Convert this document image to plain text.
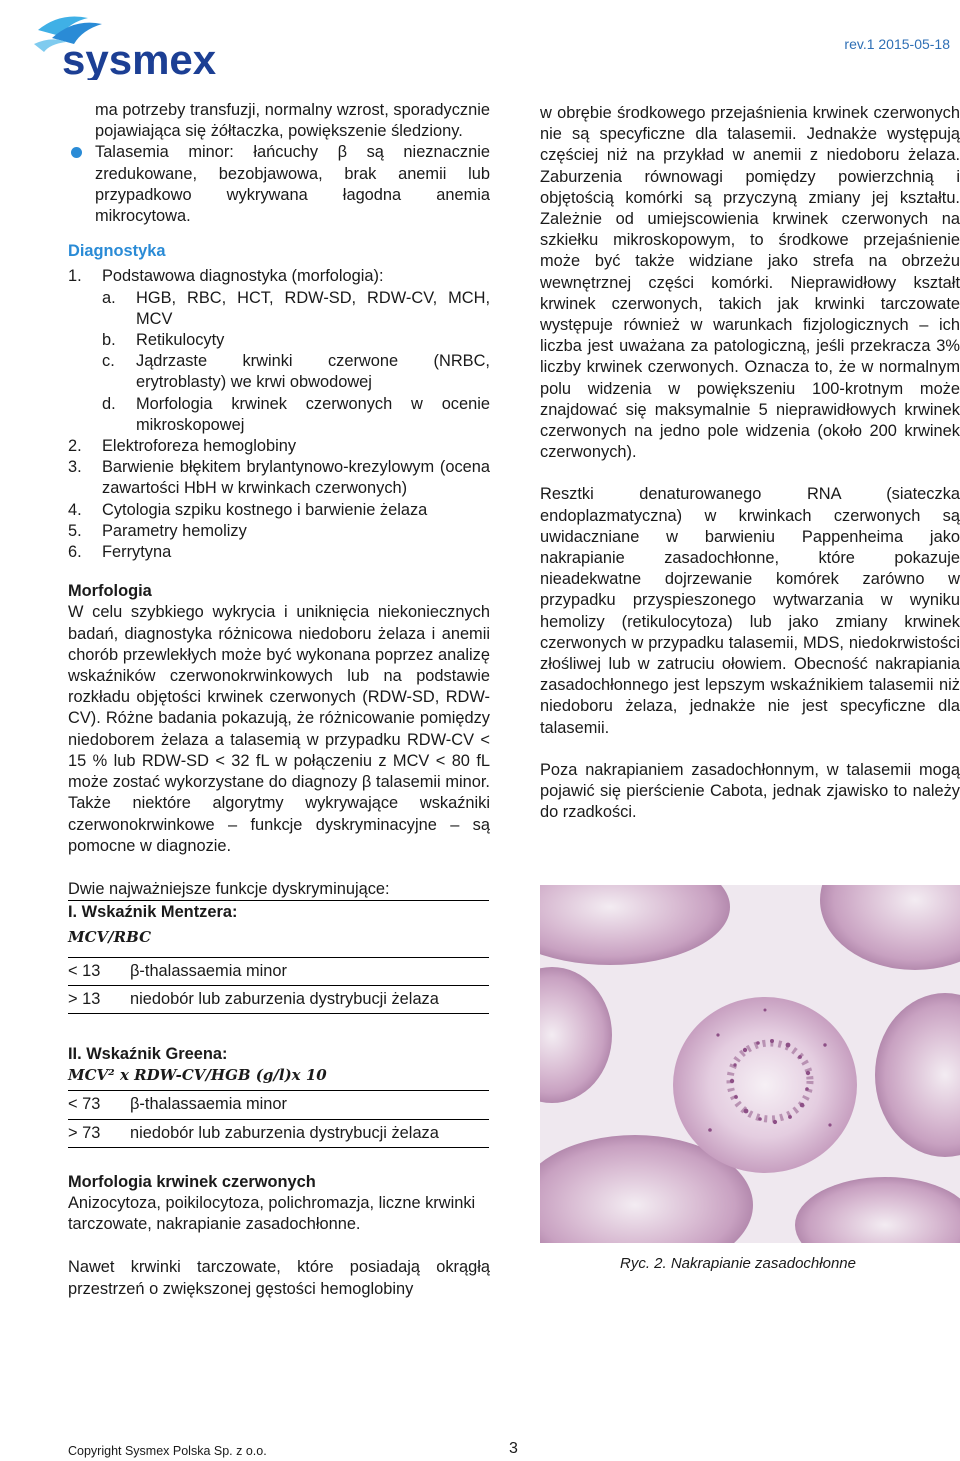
sysmex	rev.1 2015-05-18

ma potrzeby transfuzji, normalny wzrost, sporadycznie pojawiająca się żółtaczka, powiększenie śledziony.

Talasemia minor: łańcuchy β są nieznacznie zredukowane, bezobjawowa, brak anemii lub przypadkowo wykrywana łagodna anemia mikrocytowa.
Diagnostyka
1.	Podstawowa diagnostyka (morfologia):
a.	HGB, RBC, HCT, RDW-SD, RDW-CV, MCH, MCV
b.	Retikulocyty
c.	Jądrzaste krwinki czerwone (NRBC, erytroblasty) we krwi obwodowej
d.	Morfologia krwinek czerwonych w ocenie mikroskopowej
2.	Elektroforeza hemoglobiny
3.	Barwienie błękitem brylantynowo-krezylowym (ocena zawartości HbH w krwinkach czerwonych)
4.	Cytologia szpiku kostnego i barwienie żelaza
5.	Parametry hemolizy
6.	Ferrytyna
Morfologia

W celu szybkiego wykrycia i uniknięcia niekoniecznych badań, diagnostyka różnicowa niedoboru żelaza i anemii chorób przewlekłych może być wykonana poprzez analizę wskaźników czerwonokrwinkowych lub na podstawie rozkładu objętości krwinek czerwonych (RDW-SD, RDW-CV). Różne badania pokazują, że różnicowanie pomiędzy niedoborem żelaza a talasemią w przypadku RDW-CV < 15 % lub RDW-SD < 32 fL w połączeniu z MCV < 80 fL może zostać wykorzystane do diagnozy β talasemii minor. Także niektóre algorytmy wykrywające wskaźniki czerwonokrwinkowe – funkcje dyskryminacyjne – są pomocne w diagnozie.

Dwie najważniejsze funkcje dyskryminujące:
I. Wskaźnik Mentzera:
MCV/RBC
< 13	β-thalassaemia minor
> 13	niedobór lub zaburzenia dystrybucji żelaza
II. Wskaźnik Greena:
MCV² x RDW-CV/HGB (g/l)x 10
< 73	β-thalassaemia minor
> 73	niedobór lub zaburzenia dystrybucji żelaza
Morfologia krwinek czerwonych

Anizocytoza, poikilocytoza, polichromazja, liczne krwinki tarczowate, nakrapianie zasadochłonne.

Nawet krwinki tarczowate, które posiadają okrągłą przestrzeń o zwiększonej gęstości hemoglobiny

w obrębie środkowego przejaśnienia krwinek czerwonych nie są specyficzne dla talasemii. Jednakże występują częściej niż na przykład w anemii z niedoboru żelaza. Zaburzenia równowagi pomiędzy powierzchnią i objętością komórki są przyczyną zmiany jej kształtu. Zależnie od umiejscowienia krwinek czerwonych na szkiełku mikroskopowym, to środkowe przejaśnienie może być także widziane jako strefa na obrzeżu wewnętrznej części komórki. Nieprawidłowy kształt krwinek czerwonych, takich jak krwinki tarczowate występuje również w warunkach fizjologicznych – ich liczba jest uważana za patologiczną, jeśli przekracza 3% liczby krwinek czerwonych. Oznacza to, że w normalnym polu widzenia w powiększeniu 100-krotnym może znajdować się maksymalnie 5 nieprawidłowych krwinek czerwonych na jedno pole widzenia (około 200 krwinek czerwonych).

Resztki denaturowanego RNA (siateczka endoplazmatyczna) w krwinkach czerwonych są uwidaczniane w barwieniu Pappenheima jako nakrapianie zasadochłonne, które pokazuje nieadekwatne dojrzewanie komórek zarówno w przypadku przyspieszonego wytwarzania w wyniku hemolizy (retikulocytoza) lub jako zmiany krwinek czerwonych w przypadku talasemii, MDS, niedokrwistości złośliwej lub w zatruciu ołowiem. Obecność nakrapiania zasadochłonnego jest lepszym wskaźnikiem talasemii niż niedoboru żelaza, jednakże nie jest specyficzne dla talasemii.

Poza nakrapianiem zasadochłonnym, w talasemii mogą pojawić się pierścienie Cabota, jednak zjawisko to należy do rzadkości.

Ryc. 2. Nakrapianie zasadochłonne
Copyright Sysmex Polska Sp. z o.o.	3
